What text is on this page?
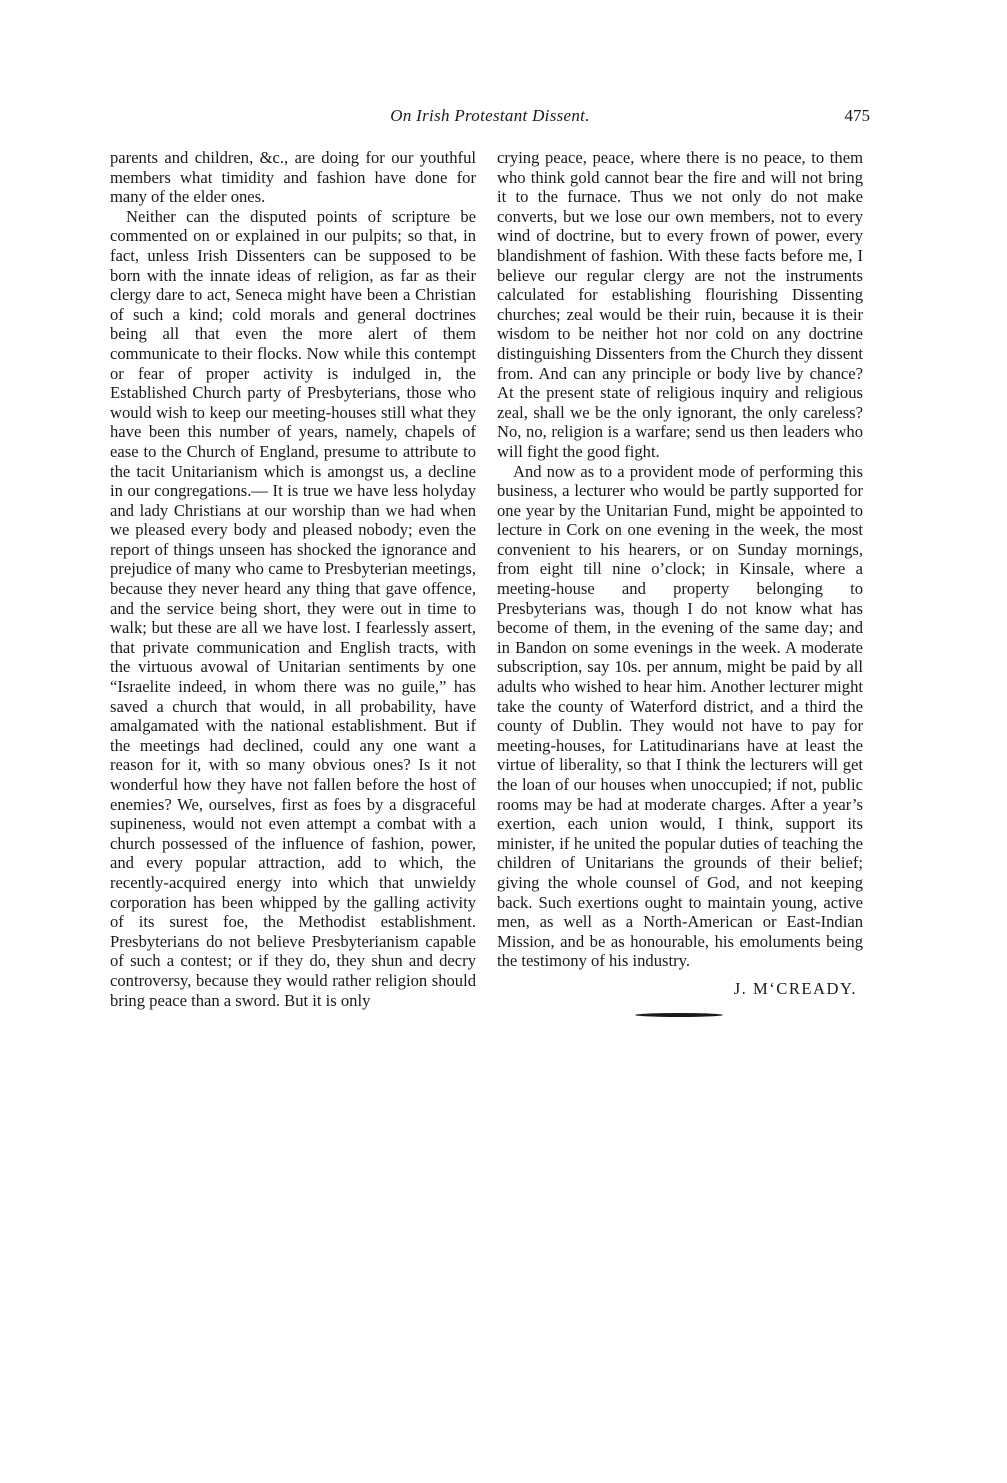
On Irish Protestant Dissent.	475

parents and children, &c., are doing for our youthful members what timidity and fashion have done for many of the elder ones.

Neither can the disputed points of scripture be commented on or explained in our pulpits; so that, in fact, unless Irish Dissenters can be supposed to be born with the innate ideas of religion, as far as their clergy dare to act, Seneca might have been a Christian of such a kind; cold morals and general doctrines being all that even the more alert of them communicate to their flocks. Now while this contempt or fear of proper activity is indulged in, the Established Church party of Presbyterians, those who would wish to keep our meeting-houses still what they have been this number of years, namely, chapels of ease to the Church of England, presume to attribute to the tacit Unitarianism which is amongst us, a decline in our congregations.— It is true we have less holyday and lady Christians at our worship than we had when we pleased every body and pleased nobody; even the report of things unseen has shocked the ignorance and prejudice of many who came to Presbyterian meetings, because they never heard any thing that gave offence, and the service being short, they were out in time to walk; but these are all we have lost. I fearlessly assert, that private communication and English tracts, with the virtuous avowal of Unitarian sentiments by one “Israelite indeed, in whom there was no guile,” has saved a church that would, in all probability, have amalgamated with the national establishment. But if the meetings had declined, could any one want a reason for it, with so many obvious ones? Is it not wonderful how they have not fallen before the host of enemies? We, ourselves, first as foes by a disgraceful supineness, would not even attempt a combat with a church possessed of the influence of fashion, power, and every popular attraction, add to which, the recently-acquired energy into which that unwieldy corporation has been whipped by the galling activity of its surest foe, the Methodist establishment. Presbyterians do not believe Presbyterianism capable of such a contest; or if they do, they shun and decry controversy, because they would rather religion should bring peace than a sword. But it is only

crying peace, peace, where there is no peace, to them who think gold cannot bear the fire and will not bring it to the furnace. Thus we not only do not make converts, but we lose our own members, not to every wind of doctrine, but to every frown of power, every blandishment of fashion. With these facts before me, I believe our regular clergy are not the instruments calculated for establishing flourishing Dissenting churches; zeal would be their ruin, because it is their wisdom to be neither hot nor cold on any doctrine distinguishing Dissenters from the Church they dissent from. And can any principle or body live by chance? At the present state of religious inquiry and religious zeal, shall we be the only ignorant, the only careless? No, no, religion is a warfare; send us then leaders who will fight the good fight.

And now as to a provident mode of performing this business, a lecturer who would be partly supported for one year by the Unitarian Fund, might be appointed to lecture in Cork on one evening in the week, the most convenient to his hearers, or on Sunday mornings, from eight till nine o’clock; in Kinsale, where a meeting-house and property belonging to Presbyterians was, though I do not know what has become of them, in the evening of the same day; and in Bandon on some evenings in the week. A moderate subscription, say 10s. per annum, might be paid by all adults who wished to hear him. Another lecturer might take the county of Waterford district, and a third the county of Dublin. They would not have to pay for meeting-houses, for Latitudinarians have at least the virtue of liberality, so that I think the lecturers will get the loan of our houses when unoccupied; if not, public rooms may be had at moderate charges. After a year’s exertion, each union would, I think, support its minister, if he united the popular duties of teaching the children of Unitarians the grounds of their belief; giving the whole counsel of God, and not keeping back. Such exertions ought to maintain young, active men, as well as a North-American or East-Indian Mission, and be as honourable, his emoluments being the testimony of his industry.

J. M‘CREADY.
